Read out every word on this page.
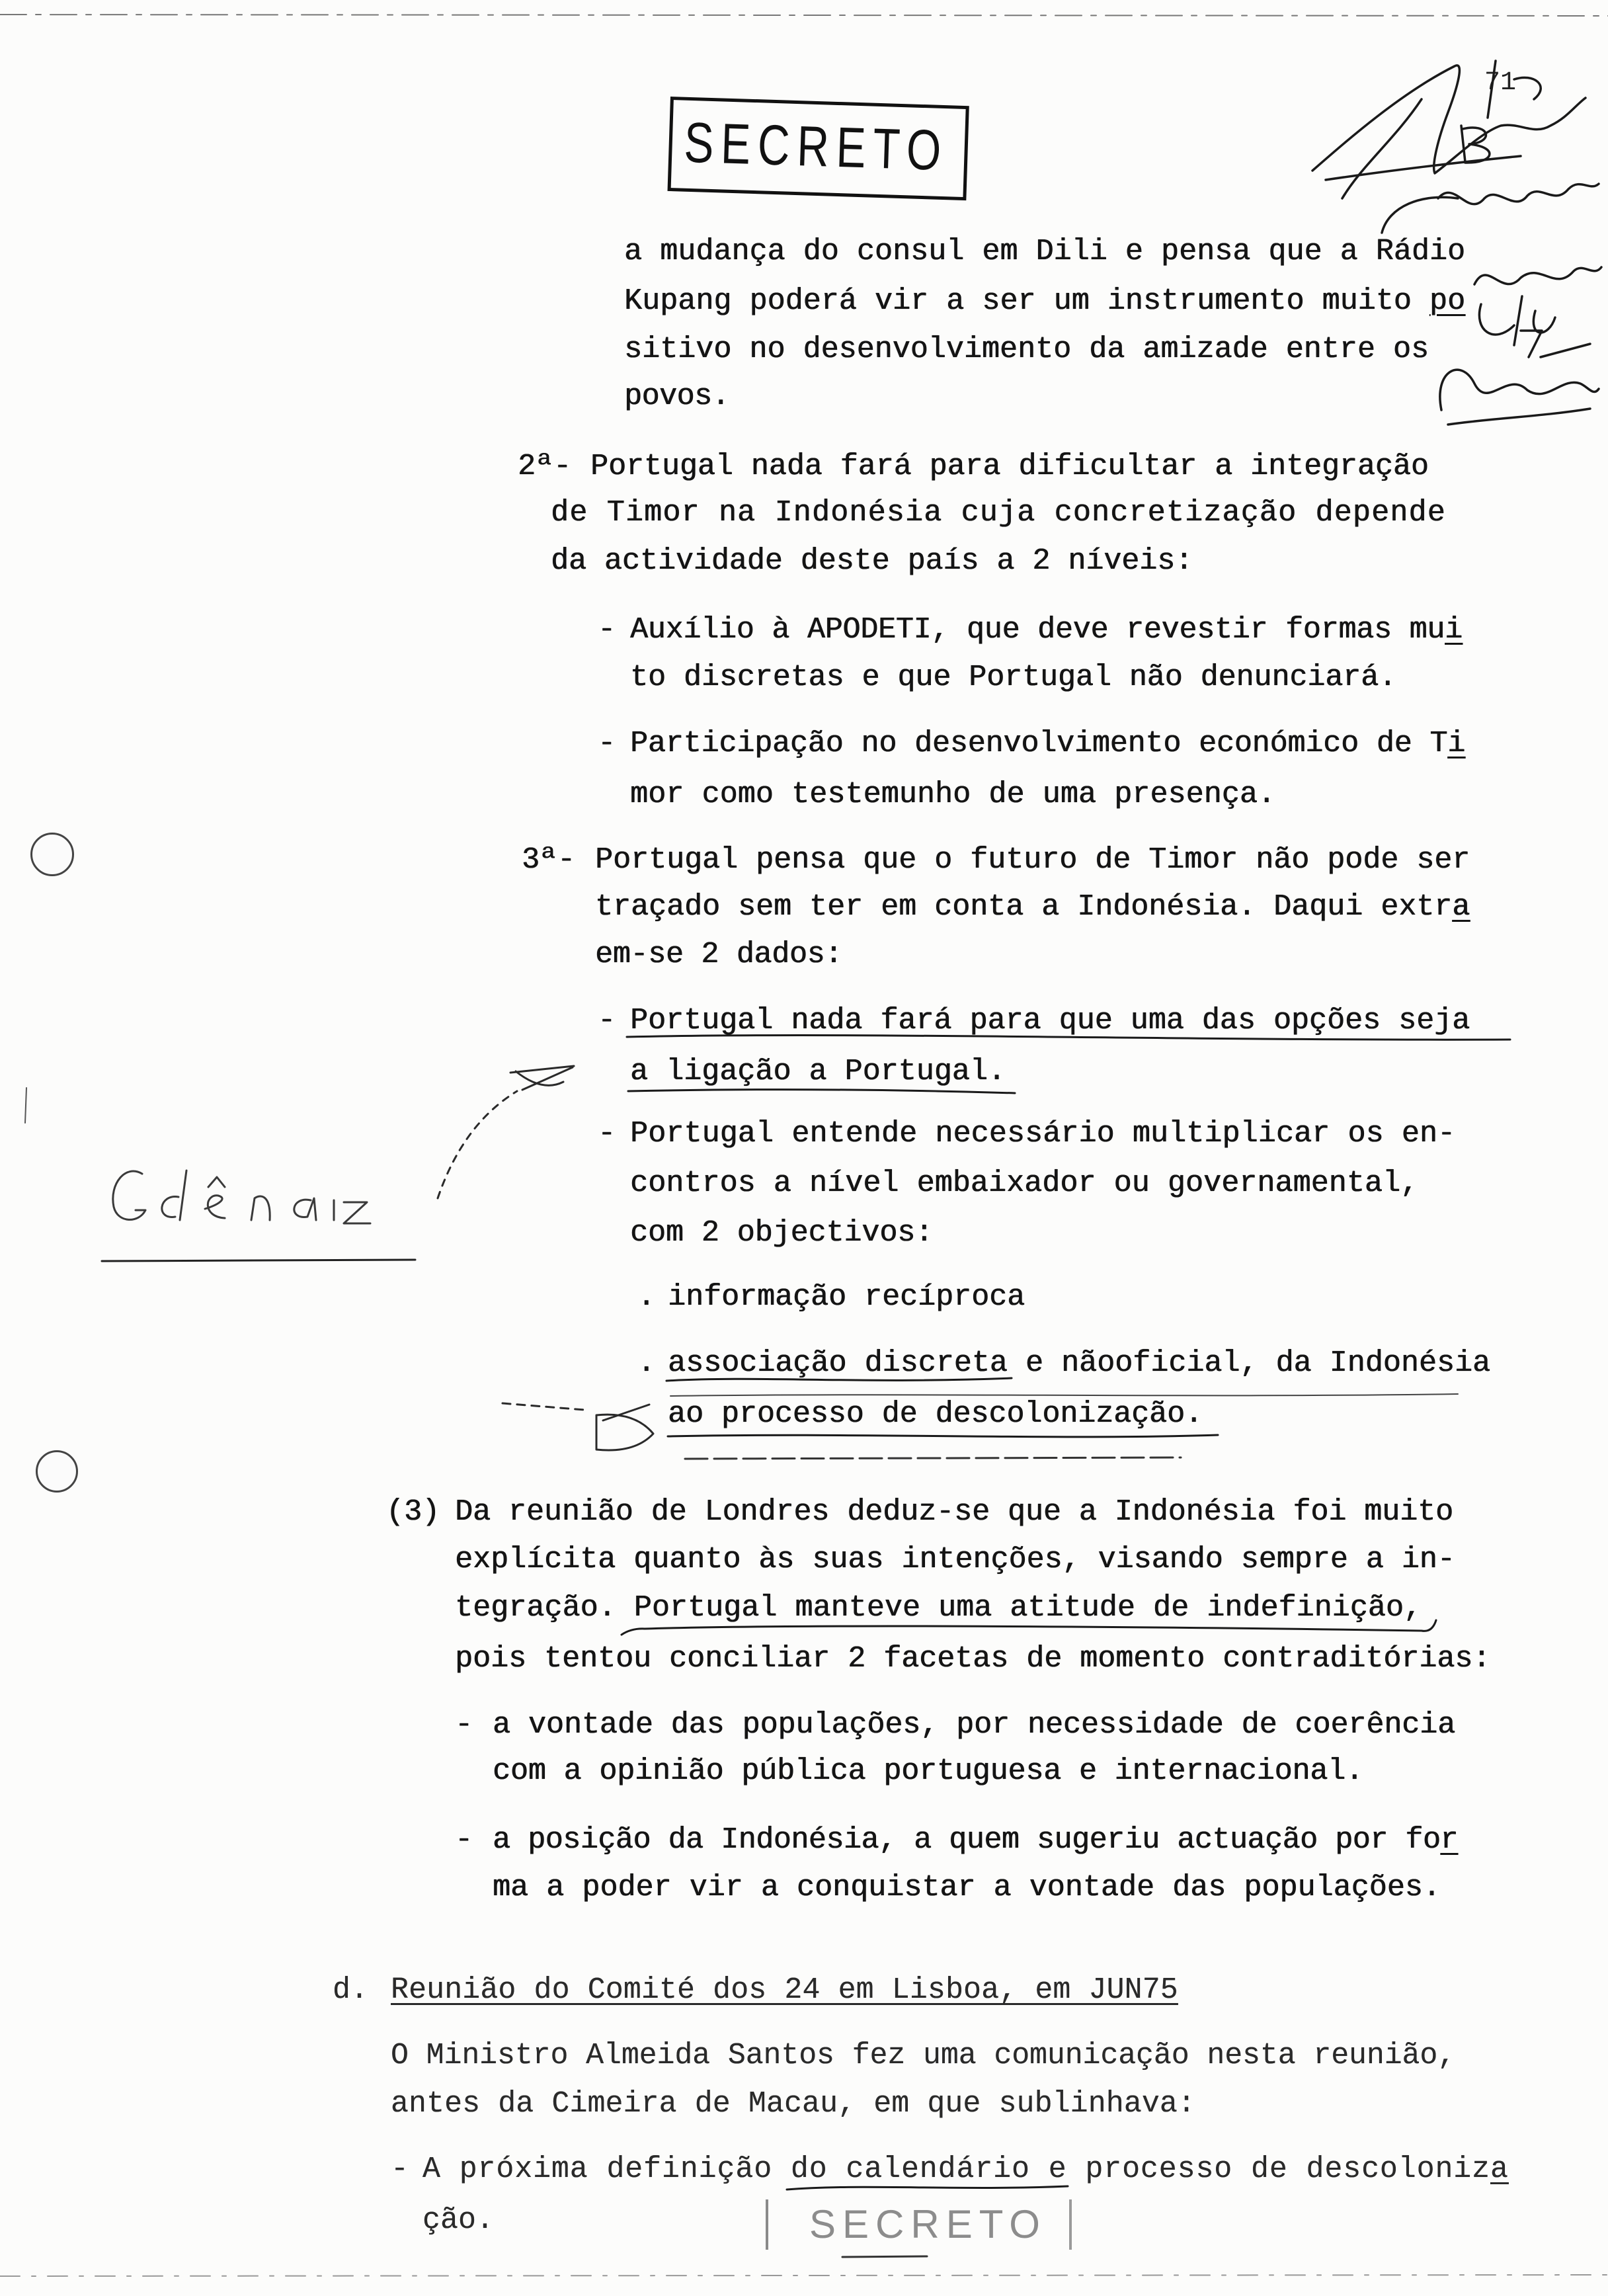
71
SECRETO
a mudança do consul em Dili e pensa que a Rádio
Kupang poderá vir a ser um instrumento muito po
sitivo no desenvolvimento da amizade entre os
povos.
2ª- Portugal nada fará para dificultar a integração
de Timor na Indonésia cuja concretização depende
da actividade deste país a 2 níveis:
- Auxílio à APODETI, que deve revestir formas mui
to discretas e que Portugal não denunciará.
- Participação no desenvolvimento económico de Ti
mor como testemunho de uma presença.
3ª- Portugal pensa que o futuro de Timor não pode ser
traçado sem ter em conta a Indonésia. Daqui extra
em-se 2 dados:
- Portugal nada fará para que uma das opções seja
a ligação a Portugal.
- Portugal entende necessário multiplicar os en-
contros a nível embaixador ou governamental,
com 2 objectivos:
. informação recíproca
. associação discreta e nãooficial, da Indonésia
ao processo de descolonização.
(3) Da reunião de Londres deduz-se que a Indonésia foi muito
explícita quanto às suas intenções, visando sempre a in-
tegração. Portugal manteve uma atitude de indefinição,
pois tentou conciliar 2 facetas de momento contraditórias:
- a vontade das populações, por necessidade de coerência
com a opinião pública portuguesa e internacional.
- a posição da Indonésia, a quem sugeriu actuação por for
ma a poder vir a conquistar a vontade das populações.
d. Reunião do Comité dos 24 em Lisboa, em JUN75
O Ministro Almeida Santos fez uma comunicação nesta reunião,
antes da Cimeira de Macau, em que sublinhava:
- A próxima definição do calendário e processo de descoloniza
ção.	SECRETO
